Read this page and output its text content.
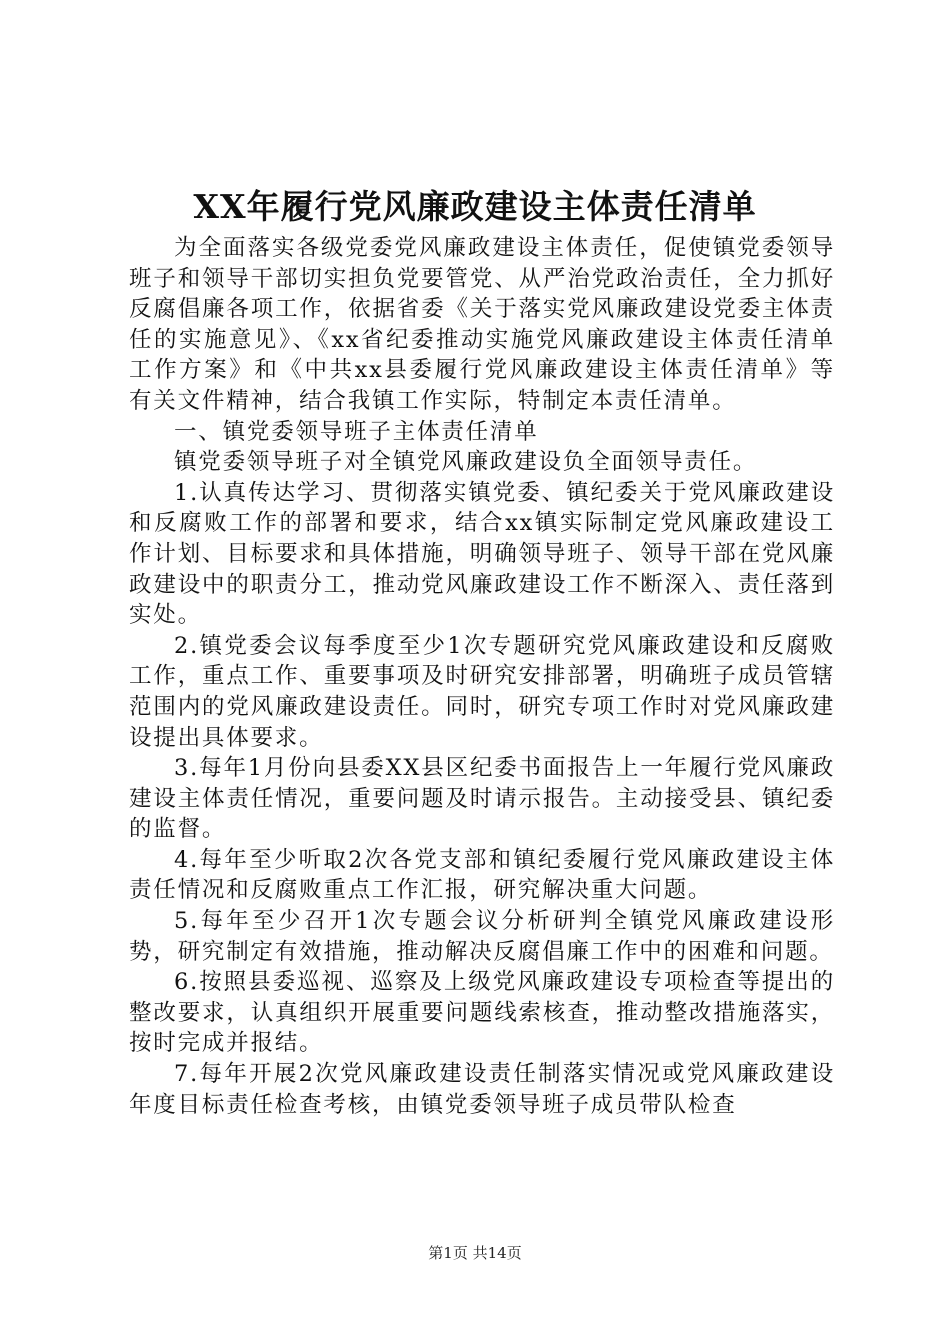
XX年履行党风廉政建设主体责任清单

为全面落实各级党委党风廉政建设主体责任，促使镇党委领导班子和领导干部切实担负党要管党、从严治党政治责任，全力抓好反腐倡廉各项工作，依据省委《关于落实党风廉政建设党委主体责任的实施意见》、《xx省纪委推动实施党风廉政建设主体责任清单工作方案》和《中共xx县委履行党风廉政建设主体责任清单》等有关文件精神，结合我镇工作实际，特制定本责任清单。

一、镇党委领导班子主体责任清单

镇党委领导班子对全镇党风廉政建设负全面领导责任。

1.认真传达学习、贯彻落实镇党委、镇纪委关于党风廉政建设和反腐败工作的部署和要求，结合xx镇实际制定党风廉政建设工作计划、目标要求和具体措施，明确领导班子、领导干部在党风廉政建设中的职责分工，推动党风廉政建设工作不断深入、责任落到实处。

2.镇党委会议每季度至少1次专题研究党风廉政建设和反腐败工作，重点工作、重要事项及时研究安排部署，明确班子成员管辖范围内的党风廉政建设责任。同时，研究专项工作时对党风廉政建设提出具体要求。

3.每年1月份向县委XX县区纪委书面报告上一年履行党风廉政建设主体责任情况，重要问题及时请示报告。主动接受县、镇纪委的监督。

4.每年至少听取2次各党支部和镇纪委履行党风廉政建设主体责任情况和反腐败重点工作汇报，研究解决重大问题。

5.每年至少召开1次专题会议分析研判全镇党风廉政建设形势，研究制定有效措施，推动解决反腐倡廉工作中的困难和问题。

6.按照县委巡视、巡察及上级党风廉政建设专项检查等提出的整改要求，认真组织开展重要问题线索核查，推动整改措施落实，按时完成并报结。

7.每年开展2次党风廉政建设责任制落实情况或党风廉政建设年度目标责任检查考核，由镇党委领导班子成员带队检查

第1页 共14页
